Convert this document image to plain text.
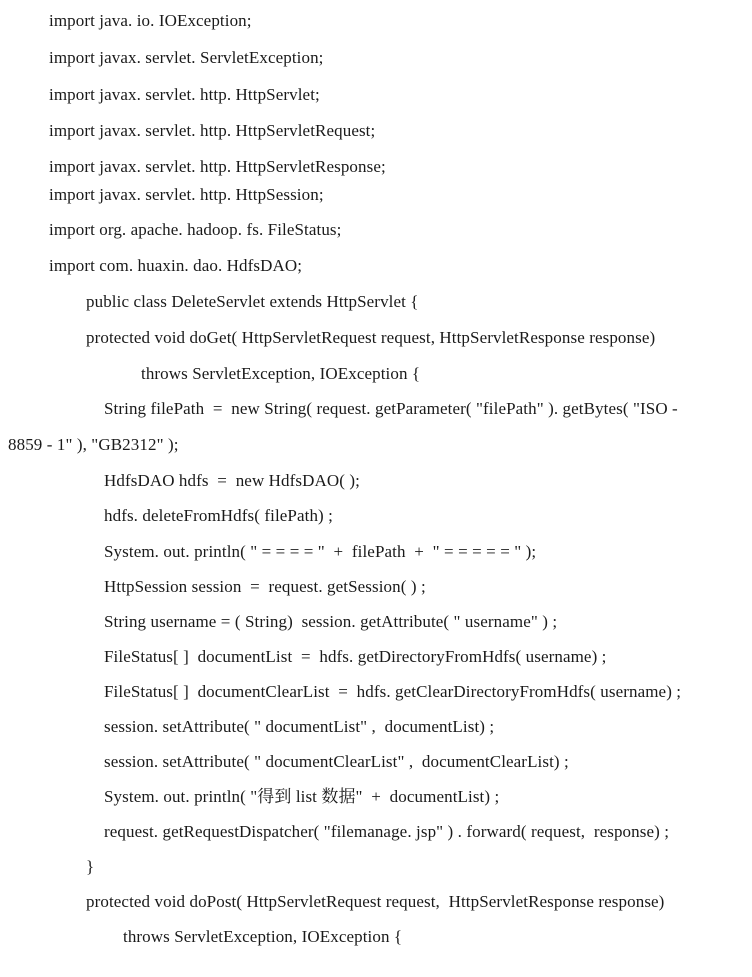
import java. io. IOException;
import javax. servlet. ServletException;
import javax. servlet. http. HttpServlet;
import javax. servlet. http. HttpServletRequest;
import javax. servlet. http. HttpServletResponse;
import javax. servlet. http. HttpSession;
import org. apache. hadoop. fs. FileStatus;
import com. huaxin. dao. HdfsDAO;
public class DeleteServlet extends HttpServlet {
protected void doGet( HttpServletRequest request, HttpServletResponse response)
throws ServletException, IOException {
String filePath  =  new String( request. getParameter( "filePath" ). getBytes( "ISO -
8859 - 1" ), "GB2312" );
HdfsDAO hdfs  =  new HdfsDAO( );
hdfs. deleteFromHdfs( filePath) ;
System. out. println( " = = = = "  +  filePath  +  " = = = = = " );
HttpSession session  =  request. getSession( ) ;
String username = ( String)  session. getAttribute( " username" ) ;
FileStatus[ ]  documentList  =  hdfs. getDirectoryFromHdfs( username) ;
FileStatus[ ]  documentClearList  =  hdfs. getClearDirectoryFromHdfs( username) ;
session. setAttribute( " documentList" ,  documentList) ;
session. setAttribute( " documentClearList" ,  documentClearList) ;
System. out. println( "得到 list 数据"  +  documentList) ;
request. getRequestDispatcher( "filemanage. jsp" ) . forward( request,  response) ;
}
protected void doPost( HttpServletRequest request,  HttpServletResponse response)
throws ServletException, IOException {
